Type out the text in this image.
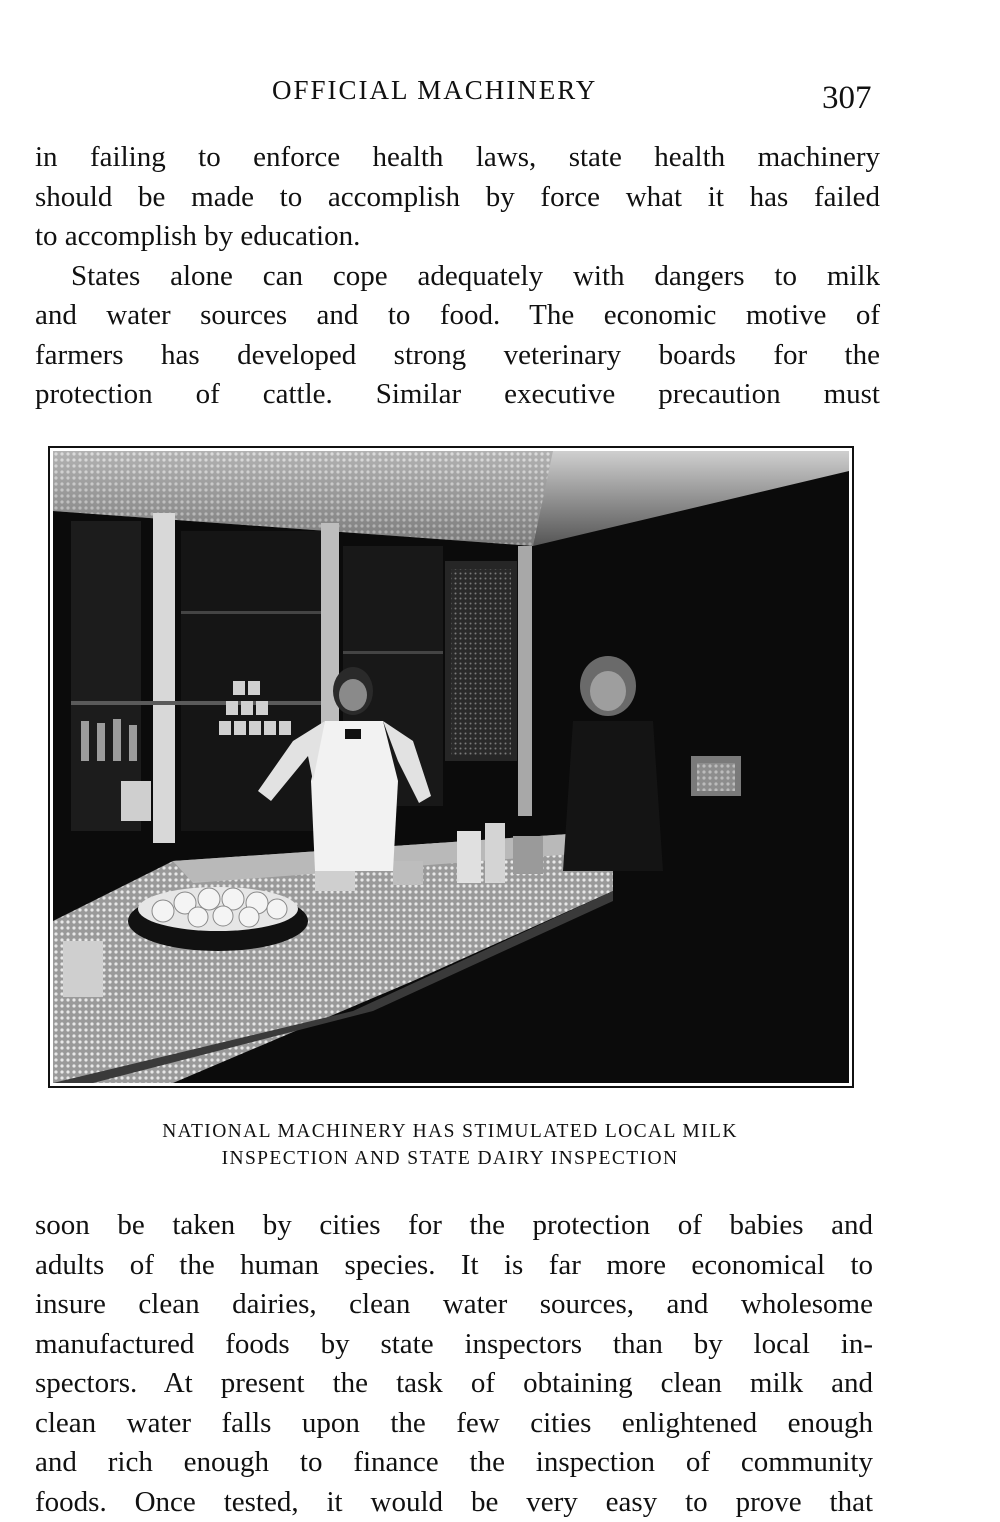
OFFICIAL MACHINERY	307
in failing to enforce health laws, state health machinery
should be made to accomplish by force what it has failed
to accomplish by education.
States alone can cope adequately with dangers to milk
and water sources and to food. The economic motive of
farmers has developed strong veterinary boards for the
protection of cattle. Similar executive precaution must
NATIONAL MACHINERY HAS STIMULATED LOCAL MILK
INSPECTION AND STATE DAIRY INSPECTION
soon be taken by cities for the protection of babies and
adults of the human species. It is far more economical to
insure clean dairies, clean water sources, and wholesome
manufactured foods by state inspectors than by local in-
spectors. At present the task of obtaining clean milk and
clean water falls upon the few cities enlightened enough
and rich enough to finance the inspection of community
foods. Once tested, it would be very easy to prove that
